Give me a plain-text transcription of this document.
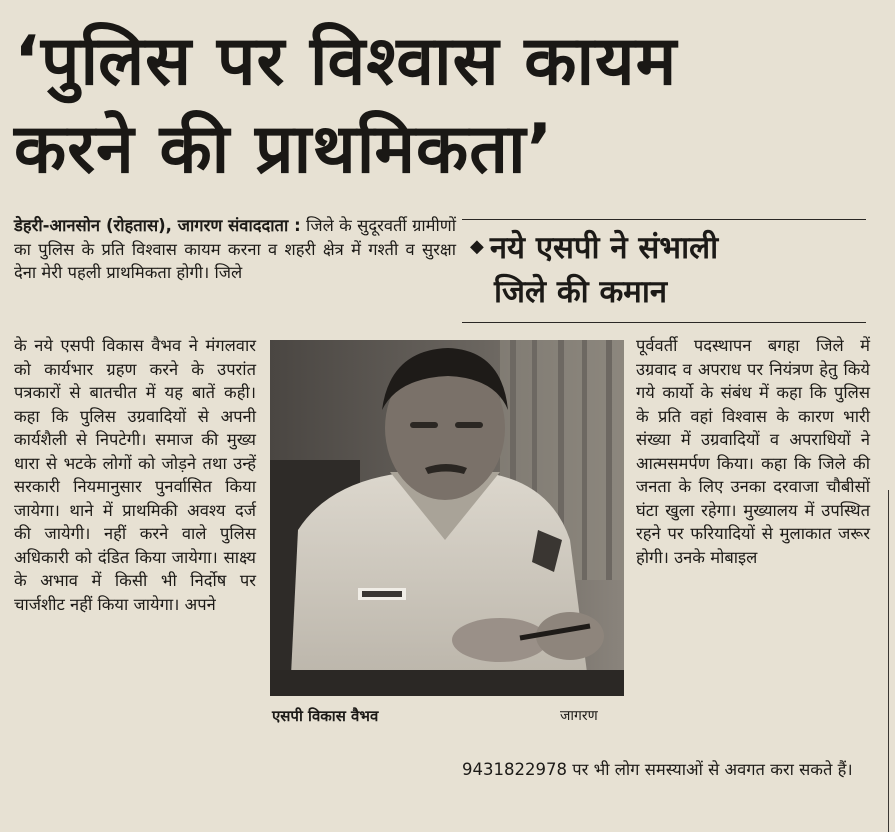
‘पुलिस पर विश्वास कायम
करने की प्राथमिकता’

डेहरी-आनसोन (रोहतास), जागरण संवाददाता : जिले के सुदूरवर्ती ग्रामीणों का पुलिस के प्रति विश्वास कायम करना व शहरी क्षेत्र में गश्ती व सुरक्षा देना मेरी पहली प्राथमिकता होगी। जिले

◆ नये एसपी ने संभाली
जिले की कमान

के नये एसपी विकास वैभव ने मंगलवार को कार्यभार ग्रहण करने के उपरांत पत्रकारों से बातचीत में यह बातें कही। कहा कि पुलिस उग्रवादियों से अपनी कार्यशैली से निपटेगी। समाज की मुख्य धारा से भटके लोगों को जोड़ने तथा उन्हें सरकारी नियमानुसार पुनर्वासित किया जायेगा। थाने में प्राथमिकी अवश्य दर्ज की जायेगी। नहीं करने वाले पुलिस अधिकारी को दंडित किया जायेगा। साक्ष्य के अभाव में किसी भी निर्दोष पर चार्जशीट नहीं किया जायेगा। अपने

एसपी विकास वैभव	जागरण

पूर्ववर्ती पदस्थापन बगहा जिले में उग्रवाद व अपराध पर नियंत्रण हेतु किये गये कार्यो के संबंध में कहा कि पुलिस के प्रति वहां विश्वास के कारण भारी संख्या में उग्रवादियों व अपराधियों ने आत्मसमर्पण किया। कहा कि जिले की जनता के लिए उनका दरवाजा चौबीसों घंटा खुला रहेगा। मुख्यालय में उपस्थित रहने पर फरियादियों से मुलाकात जरूर होगी। उनके मोबाइल

9431822978 पर भी लोग समस्याओं से अवगत करा सकते हैं।
